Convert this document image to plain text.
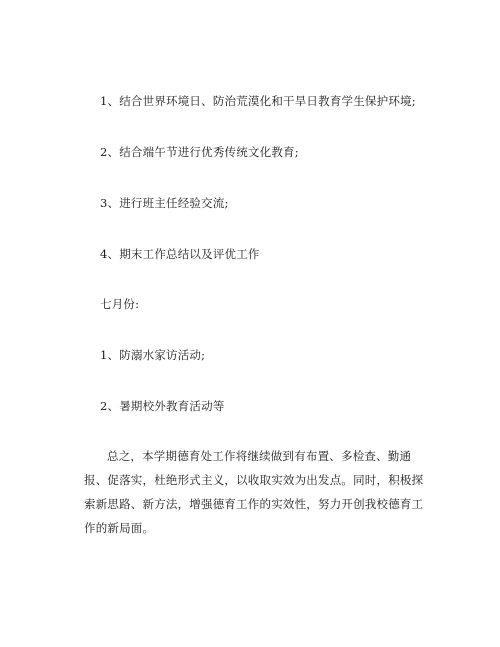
1、结合世界环境日、防治荒漠化和干旱日教育学生保护环境;
2、结合端午节进行优秀传统文化教育;
3、进行班主任经验交流;
4、期末工作总结以及评优工作
七月份:
1、防溺水家访活动;
2、暑期校外教育活动等
总之，本学期德育处工作将继续做到有布置、多检查、勤通报、促落实，杜绝形式主义，以收取实效为出发点。同时，积极探索新思路、新方法，增强德育工作的实效性，努力开创我校德育工作的新局面。
